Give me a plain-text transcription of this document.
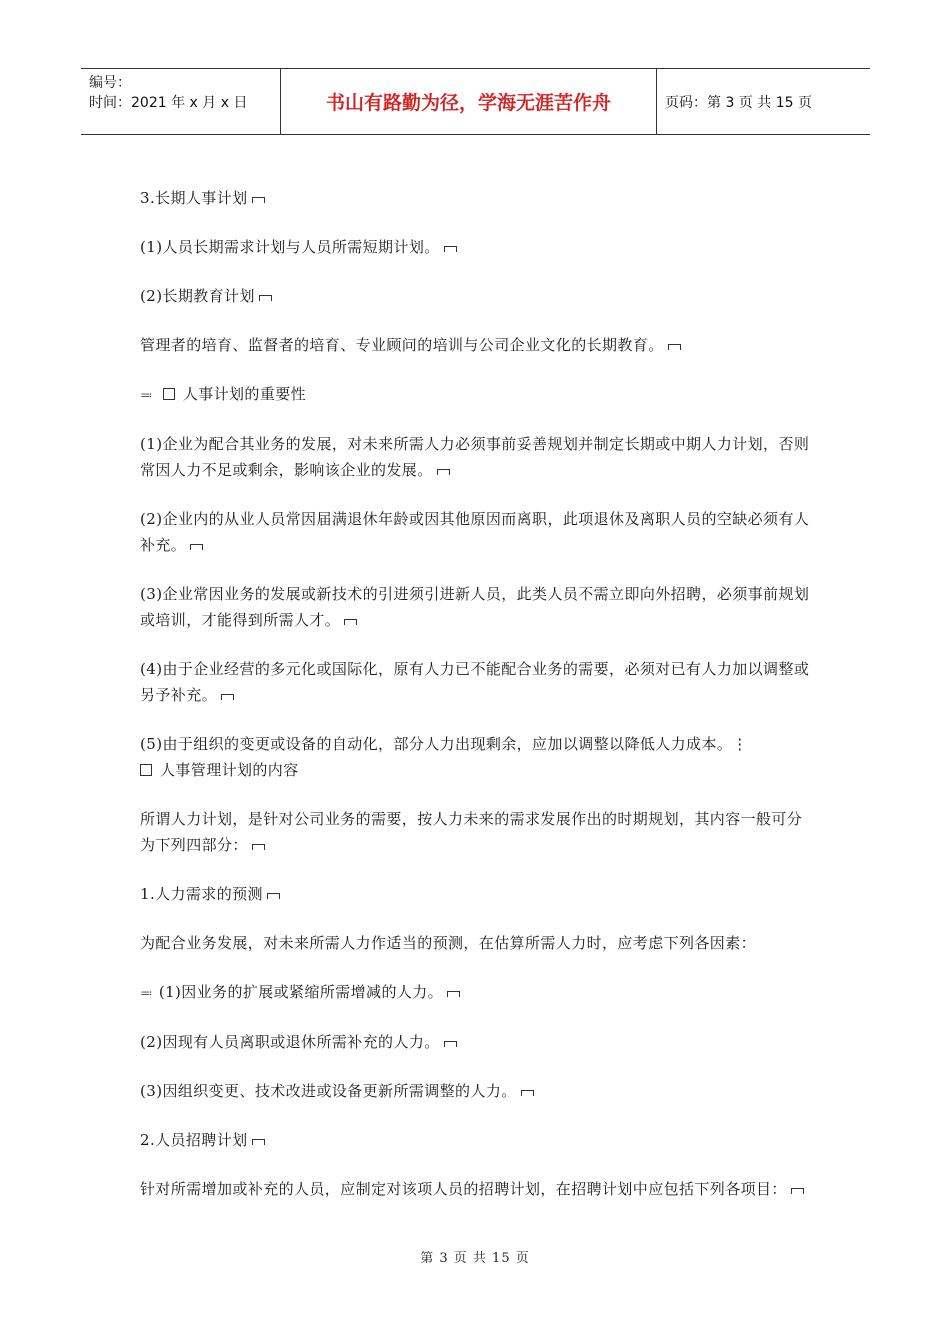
编号：
时间：2021 年 x 月 x 日	书山有路勤为径，学海无涯苦作舟	页码：第 3 页 共 15 页

3.长期人事计划

(1)人员长期需求计划与人员所需短期计划。

(2)长期教育计划

管理者的培育、监督者的培育、专业顾问的培训与公司企业文化的长期教育。

≕ 人事计划的重要性

(1)企业为配合其业务的发展，对未来所需人力必须事前妥善规划并制定长期或中期人力计划，否则常因人力不足或剩余，影响该企业的发展。

(2)企业内的从业人员常因届满退休年龄或因其他原因而离职，此项退休及离职人员的空缺必须有人补充。

(3)企业常因业务的发展或新技术的引进须引进新人员，此类人员不需立即向外招聘，必须事前规划或培训，才能得到所需人才。

(4)由于企业经营的多元化或国际化，原有人力已不能配合业务的需要，必须对已有人力加以调整或另予补充。

(5)由于组织的变更或设备的自动化，部分人力出现剩余，应加以调整以降低人力成本。⋮
人事管理计划的内容

所谓人力计划，是针对公司业务的需要，按人力未来的需求发展作出的时期规划，其内容一般可分为下列四部分：

1.人力需求的预测

为配合业务发展，对未来所需人力作适当的预测，在估算所需人力时，应考虑下列各因素：

≕ (1)因业务的扩展或紧缩所需增减的人力。

(2)因现有人员离职或退休所需补充的人力。

(3)因组织变更、技术改进或设备更新所需调整的人力。

2.人员招聘计划

针对所需增加或补充的人员，应制定对该项人员的招聘计划，在招聘计划中应包括下列各项目：

第 3 页 共 15 页
